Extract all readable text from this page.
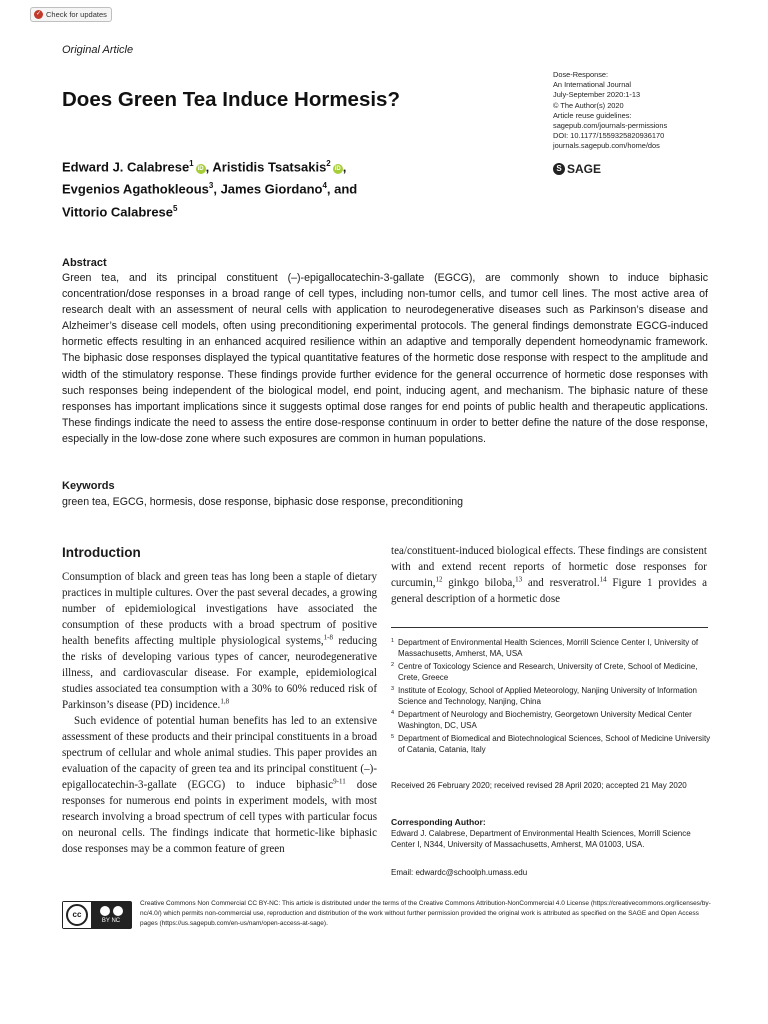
✓ Check for updates
Original Article
Dose-Response:
An International Journal
July-September 2020:1-13
© The Author(s) 2020
Article reuse guidelines:
sagepub.com/journals-permissions
DOI: 10.1177/1559325820936170
journals.sagepub.com/home/dos
S SAGE
Does Green Tea Induce Hormesis?
Edward J. Calabrese$^1$iD , Aristidis Tsatsakis$^2$iD ,
Evgenios Agathokleous$^3$, James Giordano$^4$, and
Vittorio Calabrese$^5$
Abstract
Green tea, and its principal constituent (–)-epigallocatechin-3-gallate (EGCG), are commonly shown to induce biphasic concentration/dose responses in a broad range of cell types, including non-tumor cells, and tumor cell lines. The most active area of research dealt with an assessment of neural cells with application to neurodegenerative diseases such as Parkinson’s disease and Alzheimer’s disease cell models, often using preconditioning experimental protocols. The general findings demonstrate EGCG-induced hormetic effects resulting in an enhanced acquired resilience within an adaptive and temporally dependent homeodynamic framework. The biphasic dose responses displayed the typical quantitative features of the hormetic dose response with respect to the amplitude and width of the stimulatory response. These findings provide further evidence for the general occurrence of hormetic dose responses with such responses being independent of the biological model, end point, inducing agent, and mechanism. The biphasic nature of these responses has important implications since it suggests optimal dose ranges for end points of public health and therapeutic applications. These findings indicate the need to assess the entire dose-response continuum in order to better define the nature of the dose response, especially in the low-dose zone where such exposures are common in human populations.
Keywords
green tea, EGCG, hormesis, dose response, biphasic dose response, preconditioning
Introduction

Consumption of black and green teas has long been a staple of dietary practices in multiple cultures. Over the past several decades, a growing number of epidemiological investigations have associated the consumption of these products with a broad spectrum of positive health benefits affecting multiple physiological systems,$^{1-8}$ reducing the risks of developing various types of cancer, neurodegenerative illness, and cardiovascular disease. For example, epidemiological studies associated tea consumption with a 30% to 60% reduced risk of Parkinson’s disease (PD) incidence.$^{1,8}$

Such evidence of potential human benefits has led to an extensive assessment of these products and their principal constituents in a broad spectrum of cellular and whole animal studies. This paper provides an evaluation of the capacity of green tea and its principal constituent (–)-epigallocatechin-3-gallate (EGCG) to induce biphasic$^{9-11}$ dose responses for numerous end points in experiment models, with most research involving a broad spectrum of cell types with particular focus on neuronal cells. The findings indicate that hormetic-like biphasic dose responses may be a common feature of green

tea/constituent-induced biological effects. These findings are consistent with and extend recent reports of hormetic dose responses for curcumin,$^{12}$ ginkgo biloba,$^{13}$ and resveratrol.$^{14}$ Figure 1 provides a general description of a hormetic dose

1 Department of Environmental Health Sciences, Morrill Science Center I, University of Massachusetts, Amherst, MA, USA
2 Centre of Toxicology Science and Research, University of Crete, School of Medicine, Crete, Greece
3 Institute of Ecology, School of Applied Meteorology, Nanjing University of Information Science and Technology, Nanjing, China
4 Department of Neurology and Biochemistry, Georgetown University Medical Center Washington, DC, USA
5 Department of Biomedical and Biotechnological Sciences, School of Medicine University of Catania, Catania, Italy
Received 26 February 2020; received revised 28 April 2020; accepted 21 May 2020
Corresponding Author:
Edward J. Calabrese, Department of Environmental Health Sciences, Morrill Science Center I, N344, University of Massachusetts, Amherst, MA 01003, USA.
Email: edwardc@schoolph.umass.edu
cc
BY NC
Creative Commons Non Commercial CC BY-NC: This article is distributed under the terms of the Creative Commons Attribution-NonCommercial 4.0 License (https://creativecommons.org/licenses/by-nc/4.0/) which permits non-commercial use, reproduction and distribution of the work without further permission provided the original work is attributed as specified on the SAGE and Open Access pages (https://us.sagepub.com/en-us/nam/open-access-at-sage).
